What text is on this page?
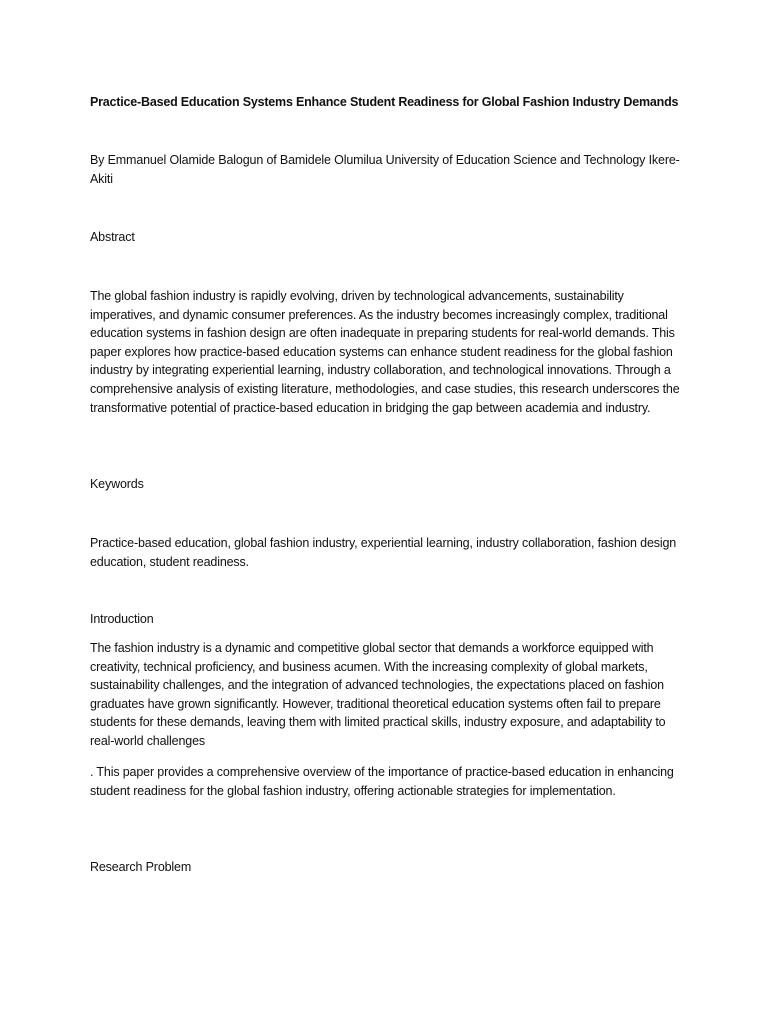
Practice-Based Education Systems Enhance Student Readiness for Global Fashion Industry Demands
By Emmanuel Olamide Balogun of Bamidele Olumilua University of Education Science and Technology Ikere-Akiti
Abstract
The global fashion industry is rapidly evolving, driven by technological advancements, sustainability imperatives, and dynamic consumer preferences. As the industry becomes increasingly complex, traditional education systems in fashion design are often inadequate in preparing students for real-world demands. This paper explores how practice-based education systems can enhance student readiness for the global fashion industry by integrating experiential learning, industry collaboration, and technological innovations. Through a comprehensive analysis of existing literature, methodologies, and case studies, this research underscores the transformative potential of practice-based education in bridging the gap between academia and industry.
Keywords
Practice-based education, global fashion industry, experiential learning, industry collaboration, fashion design education, student readiness.
Introduction
The fashion industry is a dynamic and competitive global sector that demands a workforce equipped with creativity, technical proficiency, and business acumen. With the increasing complexity of global markets, sustainability challenges, and the integration of advanced technologies, the expectations placed on fashion graduates have grown significantly. However, traditional theoretical education systems often fail to prepare students for these demands, leaving them with limited practical skills, industry exposure, and adaptability to real-world challenges
. This paper provides a comprehensive overview of the importance of practice-based education in enhancing student readiness for the global fashion industry, offering actionable strategies for implementation.
Research Problem
